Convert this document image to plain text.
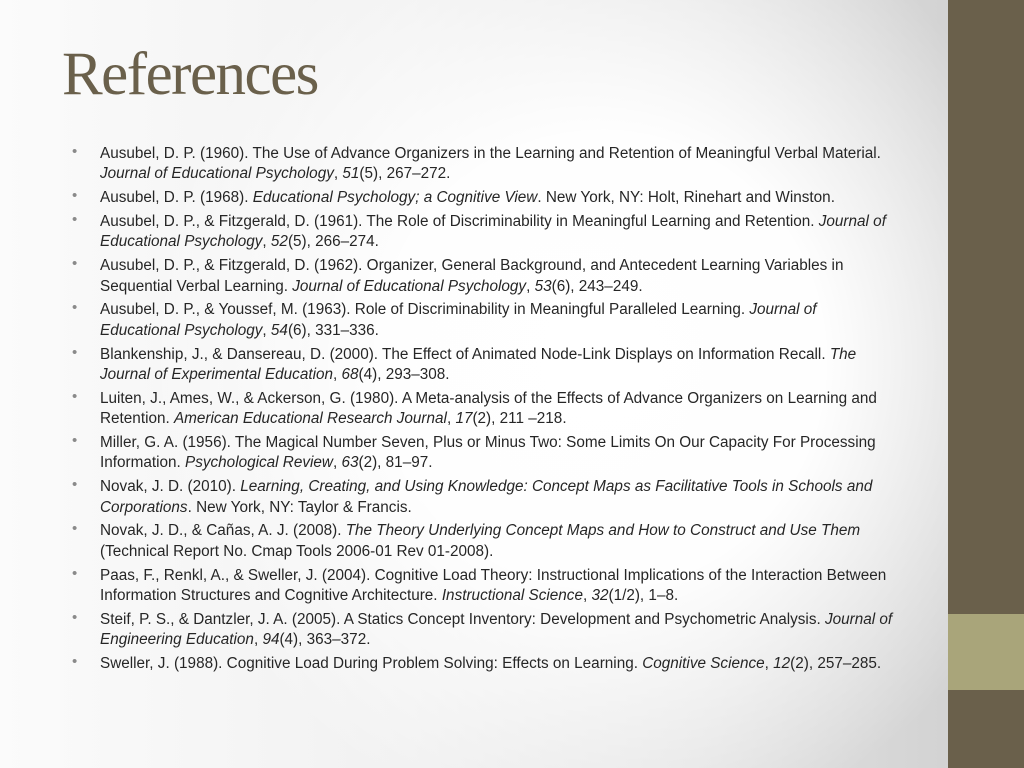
References
• Ausubel, D. P. (1960). The Use of Advance Organizers in the Learning and Retention of Meaningful Verbal Material. Journal of Educational Psychology, 51(5), 267–272.
• Ausubel, D. P. (1968). Educational Psychology; a Cognitive View. New York, NY: Holt, Rinehart and Winston.
• Ausubel, D. P., & Fitzgerald, D. (1961). The Role of Discriminability in Meaningful Learning and Retention. Journal of Educational Psychology, 52(5), 266–274.
• Ausubel, D. P., & Fitzgerald, D. (1962). Organizer, General Background, and Antecedent Learning Variables in Sequential Verbal Learning. Journal of Educational Psychology, 53(6), 243–249.
• Ausubel, D. P., & Youssef, M. (1963). Role of Discriminability in Meaningful Paralleled Learning. Journal of Educational Psychology, 54(6), 331–336.
• Blankenship, J., & Dansereau, D. (2000). The Effect of Animated Node-Link Displays on Information Recall. The Journal of Experimental Education, 68(4), 293–308.
• Luiten, J., Ames, W., & Ackerson, G. (1980). A Meta-analysis of the Effects of Advance Organizers on Learning and Retention. American Educational Research Journal, 17(2), 211 –218.
• Miller, G. A. (1956). The Magical Number Seven, Plus or Minus Two: Some Limits On Our Capacity For Processing Information. Psychological Review, 63(2), 81–97.
• Novak, J. D. (2010). Learning, Creating, and Using Knowledge: Concept Maps as Facilitative Tools in Schools and Corporations. New York, NY: Taylor & Francis.
• Novak, J. D., & Cañas, A. J. (2008). The Theory Underlying Concept Maps and How to Construct and Use Them (Technical Report No. Cmap Tools 2006-01 Rev 01-2008).
• Paas, F., Renkl, A., & Sweller, J. (2004). Cognitive Load Theory: Instructional Implications of the Interaction Between Information Structures and Cognitive Architecture. Instructional Science, 32(1/2), 1–8.
• Steif, P. S., & Dantzler, J. A. (2005). A Statics Concept Inventory: Development and Psychometric Analysis. Journal of Engineering Education, 94(4), 363–372.
• Sweller, J. (1988). Cognitive Load During Problem Solving: Effects on Learning. Cognitive Science, 12(2), 257–285.
